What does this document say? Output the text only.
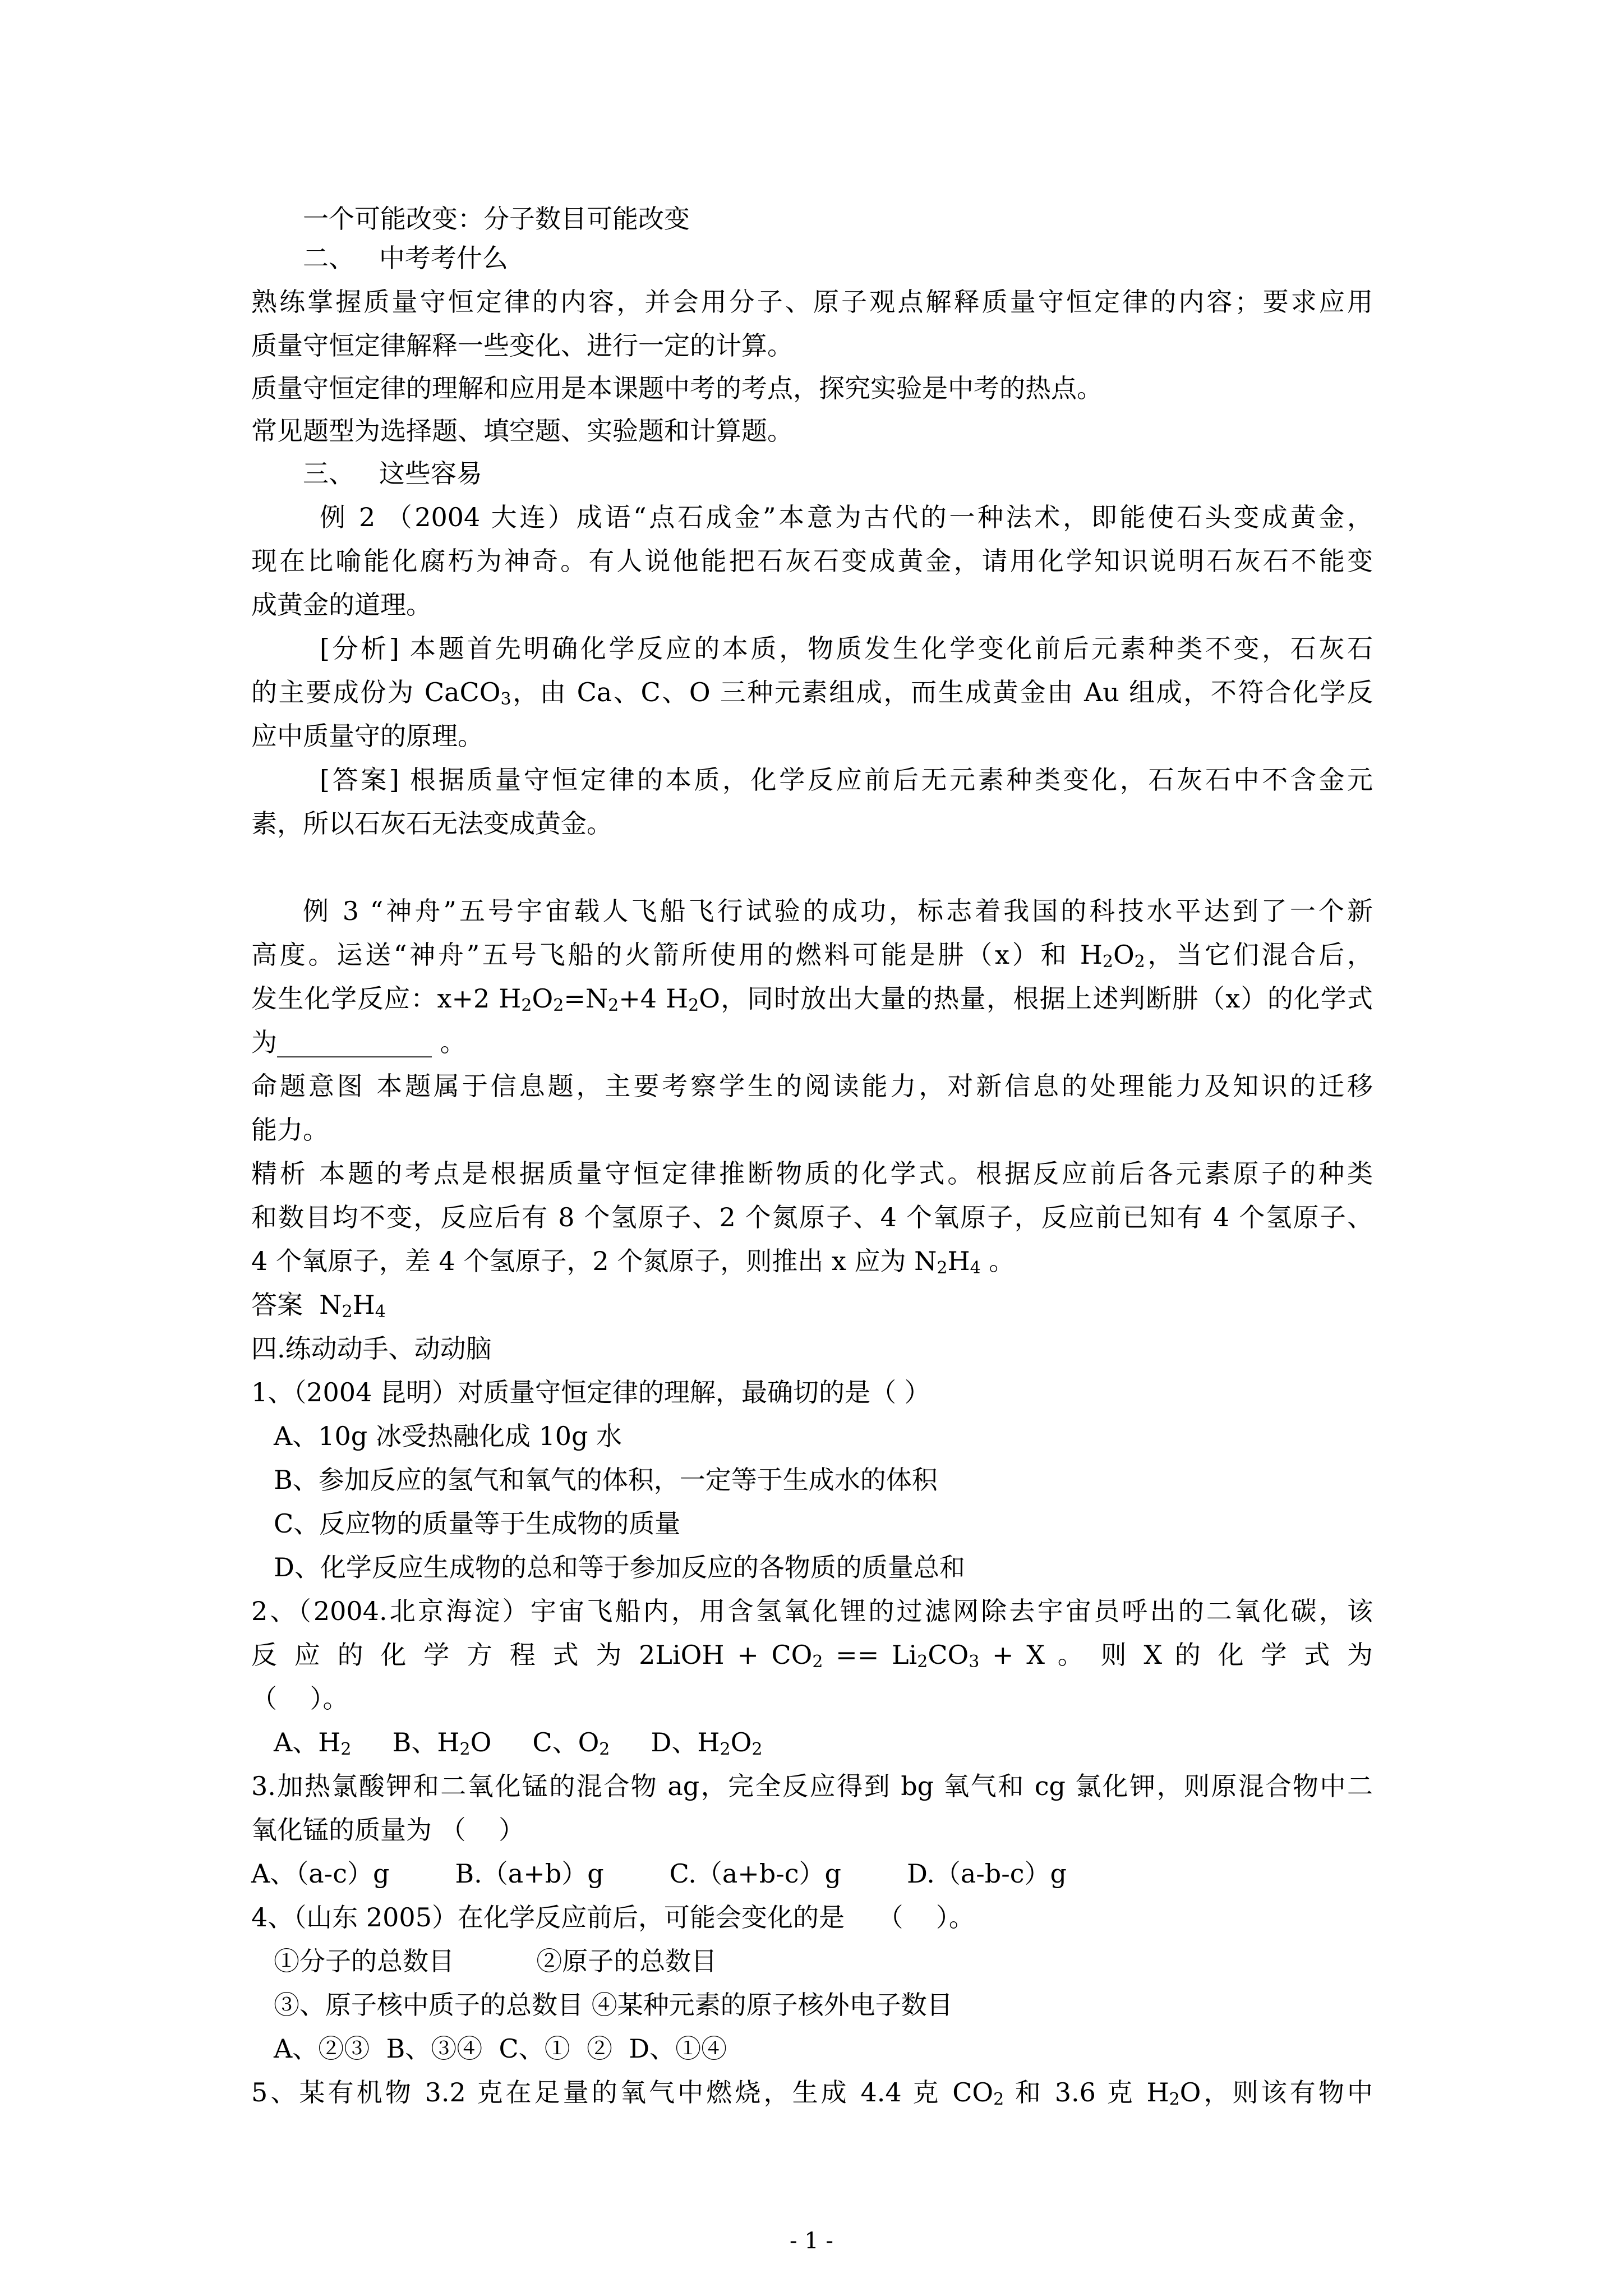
一个可能改变：分子数目可能改变
二、   中考考什么
熟练掌握质量守恒定律的内容，并会用分子、原子观点解释质量守恒定律的内容；要求应用
质量守恒定律解释一些变化、进行一定的计算。
质量守恒定律的理解和应用是本课题中考的考点，探究实验是中考的热点。
常见题型为选择题、填空题、实验题和计算题。
三、   这些容易
例 2 （2004 大连）成语“点石成金”本意为古代的一种法术，即能使石头变成黄金，
现在比喻能化腐朽为神奇。有人说他能把石灰石变成黄金，请用化学知识说明石灰石不能变
成黄金的道理。
[分析] 本题首先明确化学反应的本质，物质发生化学变化前后元素种类不变，石灰石
的主要成份为 CaCO$_3$，由 Ca、C、O 三种元素组成，而生成黄金由 Au 组成，不符合化学反
应中质量守的原理。
[答案] 根据质量守恒定律的本质，化学反应前后无元素种类变化，石灰石中不含金元
素，所以石灰石无法变成黄金。
例 3 “神舟”五号宇宙载人飞船飞行试验的成功，标志着我国的科技水平达到了一个新
高度。运送“神舟”五号飞船的火箭所使用的燃料可能是肼（x）和 $H_2O_2$，当它们混合后，
发生化学反应：x+2 $H_2O_2=N_2+4$ $H_2O$，同时放出大量的热量，根据上述判断肼（x）的化学式
为____________ 。
命题意图 本题属于信息题，主要考察学生的阅读能力，对新信息的处理能力及知识的迁移
能力。
精析 本题的考点是根据质量守恒定律推断物质的化学式。根据反应前后各元素原子的种类
和数目均不变，反应后有 8 个氢原子、2 个氮原子、4 个氧原子，反应前已知有 4 个氢原子、
4 个氧原子，差 4 个氢原子，2 个氮原子，则推出 x 应为 $N_2H_4$ 。
答案  $N_2H_4$
四.练动动手、动动脑
1、（2004 昆明）对质量守恒定律的理解，最确切的是（ ）
A、10g 冰受热融化成 10g 水
B、参加反应的氢气和氧气的体积，一定等于生成水的体积
C、反应物的质量等于生成物的质量
D、化学反应生成物的总和等于参加反应的各物质的质量总和
2、（2004.北京海淀）宇宙飞船内，用含氢氧化锂的过滤网除去宇宙员呼出的二氧化碳，该
反 应 的 化 学 方 程 式 为 2LiOH + $CO_2 == Li_2CO_3 + X$ 。 则 X 的 化 学 式 为
（    ）。
A、$H_2$     B、$H_2O$     C、$O_2$     D、$H_2O_2$
3.加热氯酸钾和二氧化锰的混合物 ag，完全反应得到 bg 氧气和 cg 氯化钾，则原混合物中二
氧化锰的质量为 （    ）
A、（a-c）g        B.（a+b）g        C.（a+b-c）g        D.（a-b-c）g
4、（山东 2005）在化学反应前后，可能会变化的是    （    ）。
①分子的总数目          ②原子的总数目
③、原子核中质子的总数目 ④某种元素的原子核外电子数目
A、②③  B、③④  C、①  ②  D、①④
5、某有机物 3.2 克在足量的氧气中燃烧，生成 4.4 克 $CO_2$ 和 3.6 克 $H_2O$，则该有物中
- 1 -
